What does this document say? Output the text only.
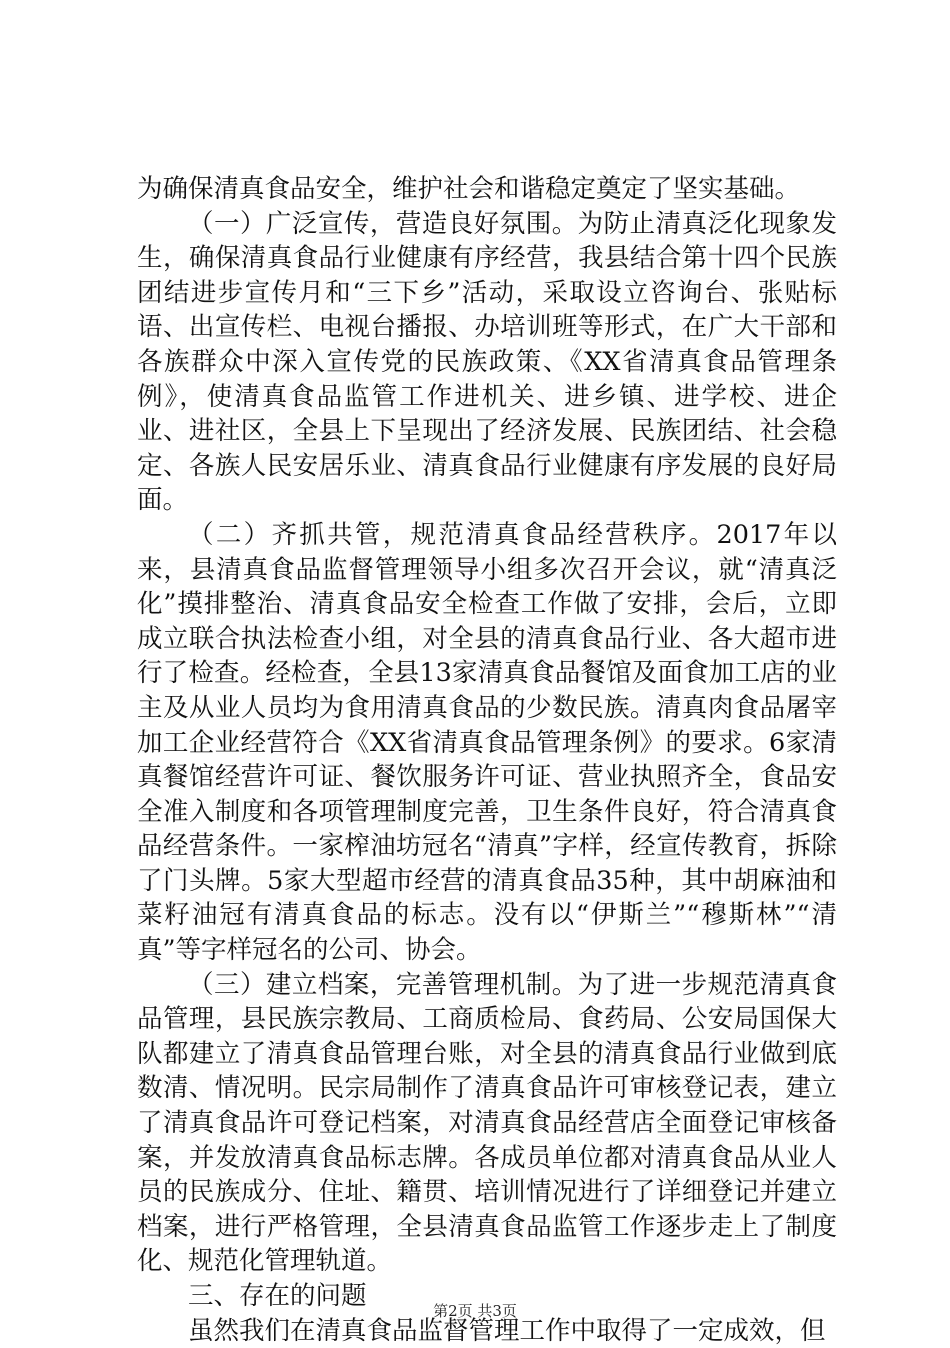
为确保清真食品安全，维护社会和谐稳定奠定了坚实基础。

（一）广泛宣传，营造良好氛围。为防止清真泛化现象发生，确保清真食品行业健康有序经营，我县结合第十四个民族团结进步宣传月和“三下乡”活动，采取设立咨询台、张贴标语、出宣传栏、电视台播报、办培训班等形式，在广大干部和各族群众中深入宣传党的民族政策、《XX省清真食品管理条例》，使清真食品监管工作进机关、进乡镇、进学校、进企业、进社区，全县上下呈现出了经济发展、民族团结、社会稳定、各族人民安居乐业、清真食品行业健康有序发展的良好局面。

（二）齐抓共管，规范清真食品经营秩序。2017年以来，县清真食品监督管理领导小组多次召开会议，就“清真泛化”摸排整治、清真食品安全检查工作做了安排，会后，立即成立联合执法检查小组，对全县的清真食品行业、各大超市进行了检查。经检查，全县13家清真食品餐馆及面食加工店的业主及从业人员均为食用清真食品的少数民族。清真肉食品屠宰加工企业经营符合《XX省清真食品管理条例》的要求。6家清真餐馆经营许可证、餐饮服务许可证、营业执照齐全，食品安全准入制度和各项管理制度完善，卫生条件良好，符合清真食品经营条件。一家榨油坊冠名“清真”字样，经宣传教育，拆除了门头牌。5家大型超市经营的清真食品35种，其中胡麻油和菜籽油冠有清真食品的标志。没有以“伊斯兰”“穆斯林”“清真”等字样冠名的公司、协会。

（三）建立档案，完善管理机制。为了进一步规范清真食品管理，县民族宗教局、工商质检局、食药局、公安局国保大队都建立了清真食品管理台账，对全县的清真食品行业做到底数清、情况明。民宗局制作了清真食品许可审核登记表，建立了清真食品许可登记档案，对清真食品经营店全面登记审核备案，并发放清真食品标志牌。各成员单位都对清真食品从业人员的民族成分、住址、籍贯、培训情况进行了详细登记并建立档案，进行严格管理，全县清真食品监管工作逐步走上了制度化、规范化管理轨道。

三、存在的问题

虽然我们在清真食品监督管理工作中取得了一定成效，但

第2页 共3页
